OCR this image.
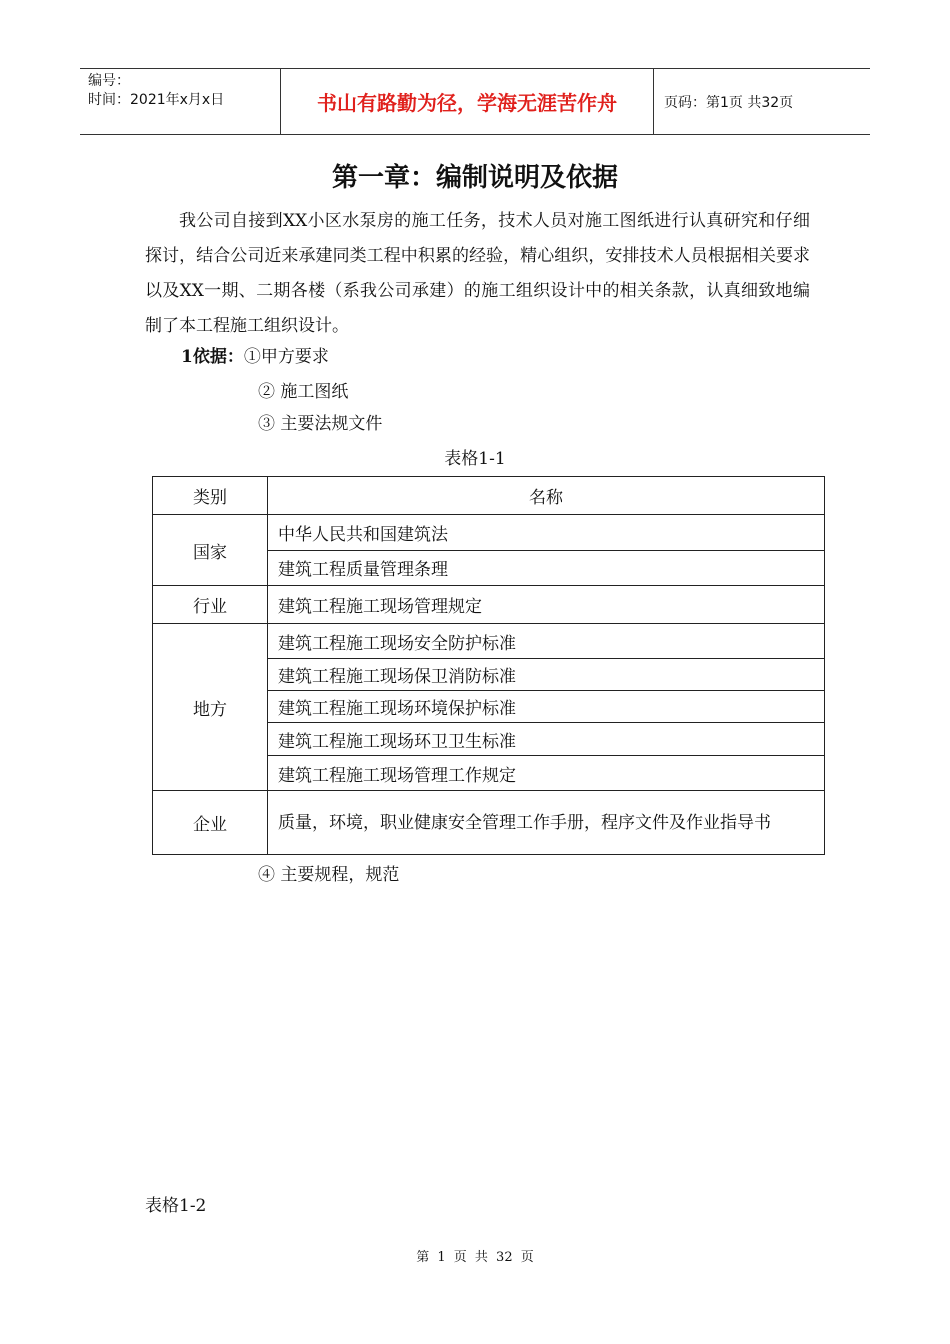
编号：
时间：2021年x月x日	书山有路勤为径，学海无涯苦作舟	页码：第1页 共32页
第一章：编制说明及依据

我公司自接到XX小区水泵房的施工任务，技术人员对施工图纸进行认真研究和仔细探讨，结合公司近来承建同类工程中积累的经验，精心组织，安排技术人员根据相关要求以及XX一期、二期各楼（系我公司承建）的施工组织设计中的相关条款，认真细致地编制了本工程施工组织设计。

1依据：①甲方要求
② 施工图纸
③ 主要法规文件
表格1-1
类别	名称
国家	中华人民共和国建筑法
	建筑工程质量管理条理
行业	建筑工程施工现场管理规定
地方	建筑工程施工现场安全防护标准
	建筑工程施工现场保卫消防标准
	建筑工程施工现场环境保护标准
	建筑工程施工现场环卫卫生标准
	建筑工程施工现场管理工作规定
企业	质量，环境，职业健康安全管理工作手册，程序文件及作业指导书
④ 主要规程，规范
表格1-2
第 1 页 共 32 页
